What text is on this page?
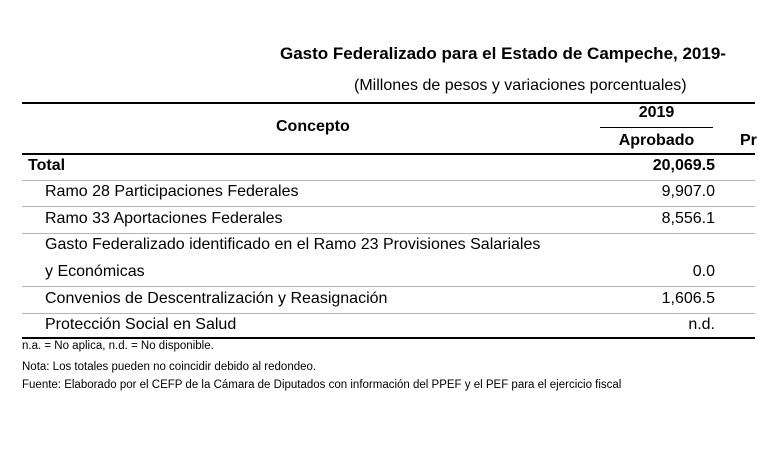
Gasto Federalizado para el Estado de Campeche, 2019-
(Millones de pesos y variaciones porcentuales)
Concepto
2019
Aprobado	Pr
Total	20,069.5
Ramo 28 Participaciones Federales	9,907.0
Ramo 33 Aportaciones Federales	8,556.1
Gasto Federalizado identificado en el Ramo 23 Provisiones Salariales
y Económicas	0.0
Convenios de Descentralización y Reasignación	1,606.5
Protección Social en Salud	n.d.
n.a. = No aplica, n.d. = No disponible.
Nota: Los totales pueden no coincidir debido al redondeo.
Fuente: Elaborado por el CEFP de la Cámara de Diputados con información del PPEF y el PEF para el ejercicio fiscal
